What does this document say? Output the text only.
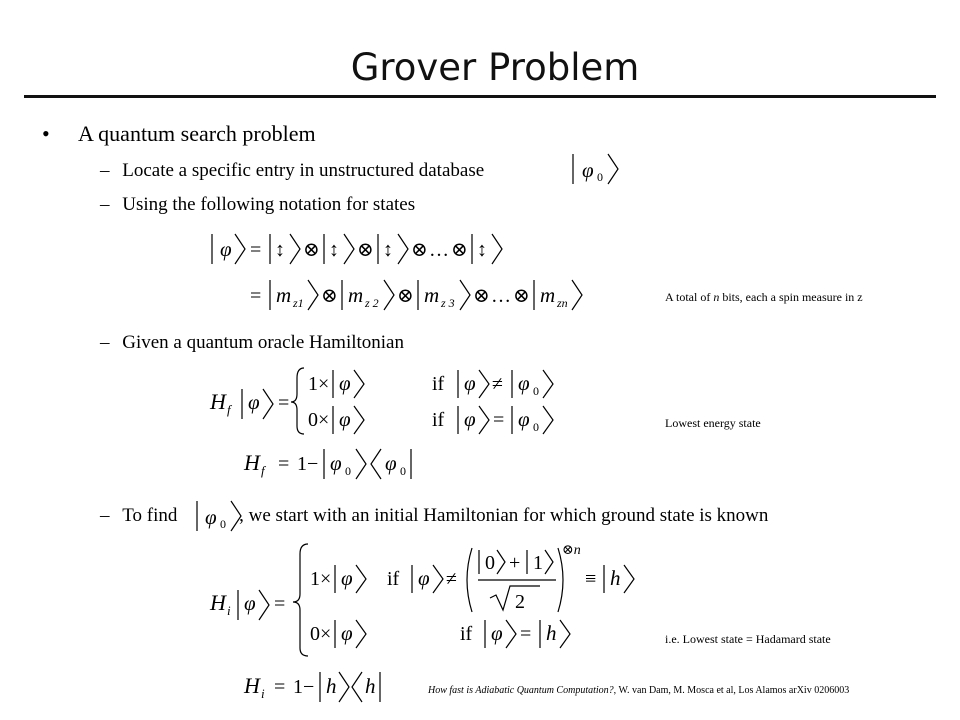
Grover Problem
• A quantum search problem
– Locate a specific entry in unstructured database	φ 0
– Using the following notation for states
φ = ↕ ⊗ ↕ ⊗ ↕ ⊗ … ⊗ ↕
= m z1 ⊗ m z 2 ⊗ m z 3 ⊗ … ⊗ m zn	A total of n bits, each a spin measure in z
– Given a quantum oracle Hamiltonian
H f φ =
1× φ	if φ ≠ φ 0
0× φ	if φ = φ 0	Lowest energy state
H f = 1− φ 0 φ 0
– To find	, we start with an initial Hamiltonian for which ground state is known
φ 0
H i φ =
1× φ if φ ≠
0 + 1
2
⊗n
≡ h
0× φ	if φ = h	i.e. Lowest state = Hadamard state
H i = 1− h h	How fast is Adiabatic Quantum Computation?, W. van Dam, M. Mosca et al, Los Alamos arXiv 0206003
